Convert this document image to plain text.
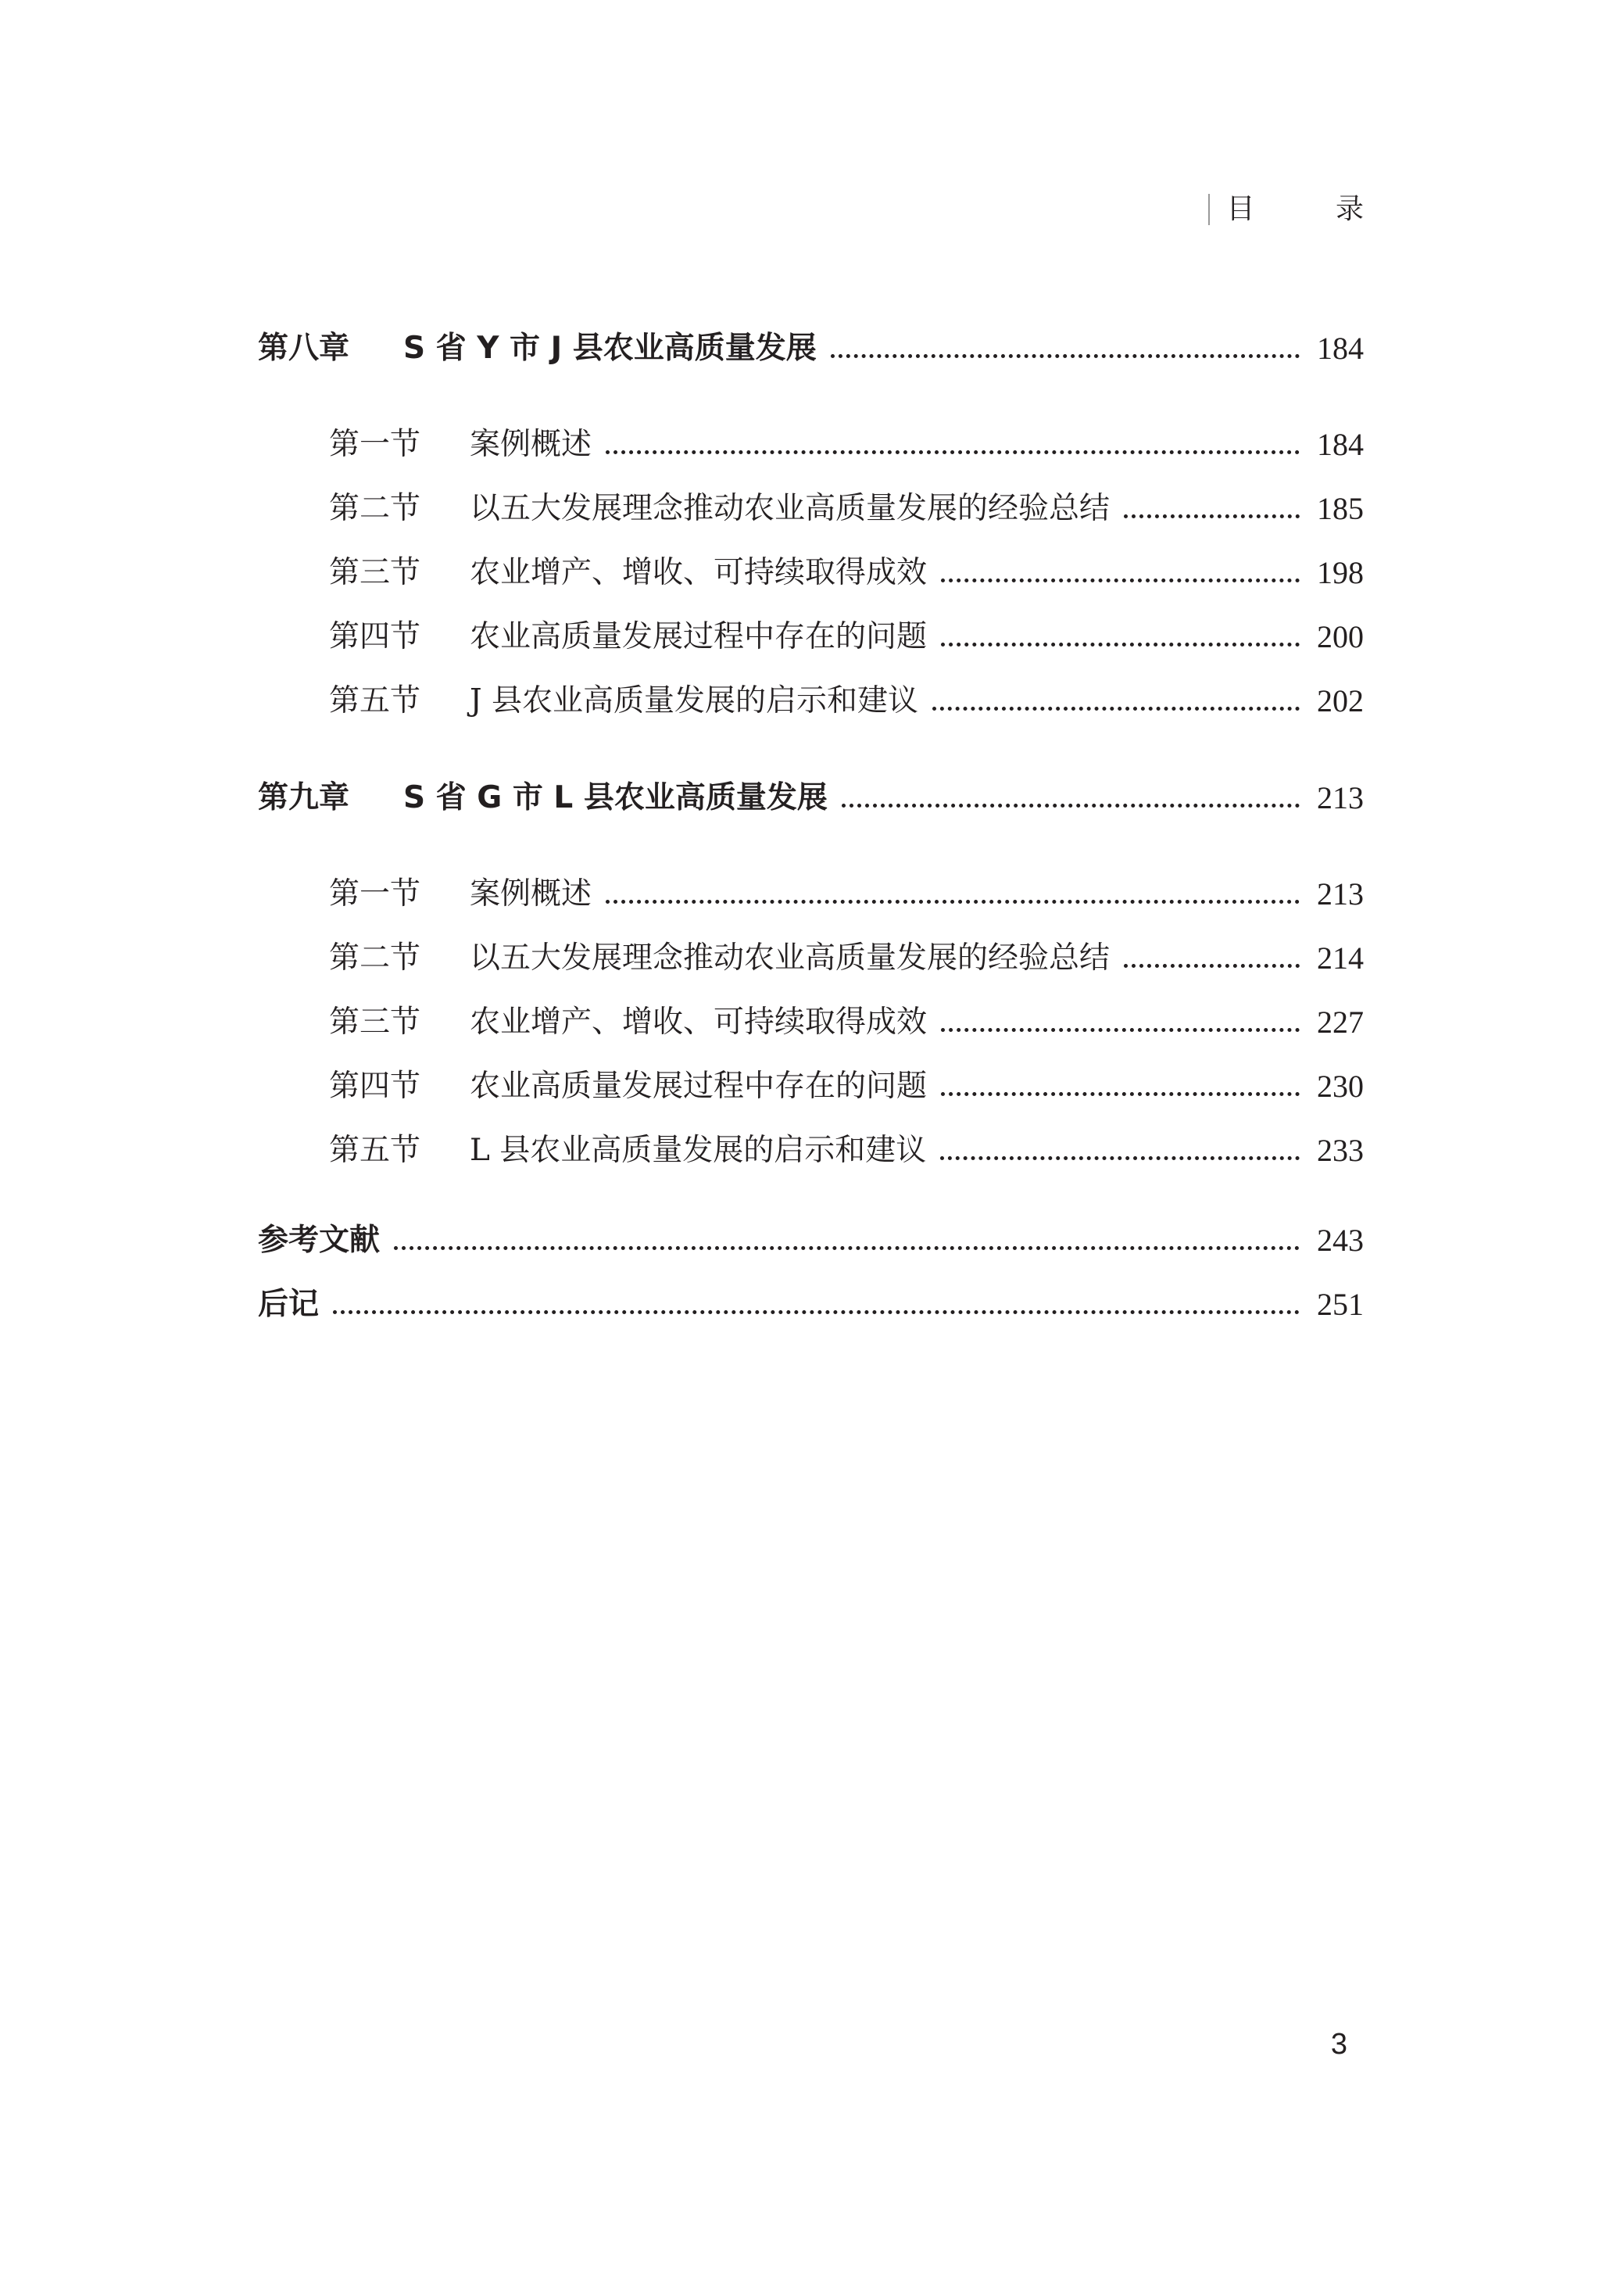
目 录
第八章	S 省 Y 市 J 县农业高质量发展	184
第一节	案例概述	184
第二节	以五大发展理念推动农业高质量发展的经验总结	185
第三节	农业增产、增收、可持续取得成效	198
第四节	农业高质量发展过程中存在的问题	200
第五节	J 县农业高质量发展的启示和建议	202
第九章	S 省 G 市 L 县农业高质量发展	213
第一节	案例概述	213
第二节	以五大发展理念推动农业高质量发展的经验总结	214
第三节	农业增产、增收、可持续取得成效	227
第四节	农业高质量发展过程中存在的问题	230
第五节	L 县农业高质量发展的启示和建议	233
参考文献	243
后记	251
3
